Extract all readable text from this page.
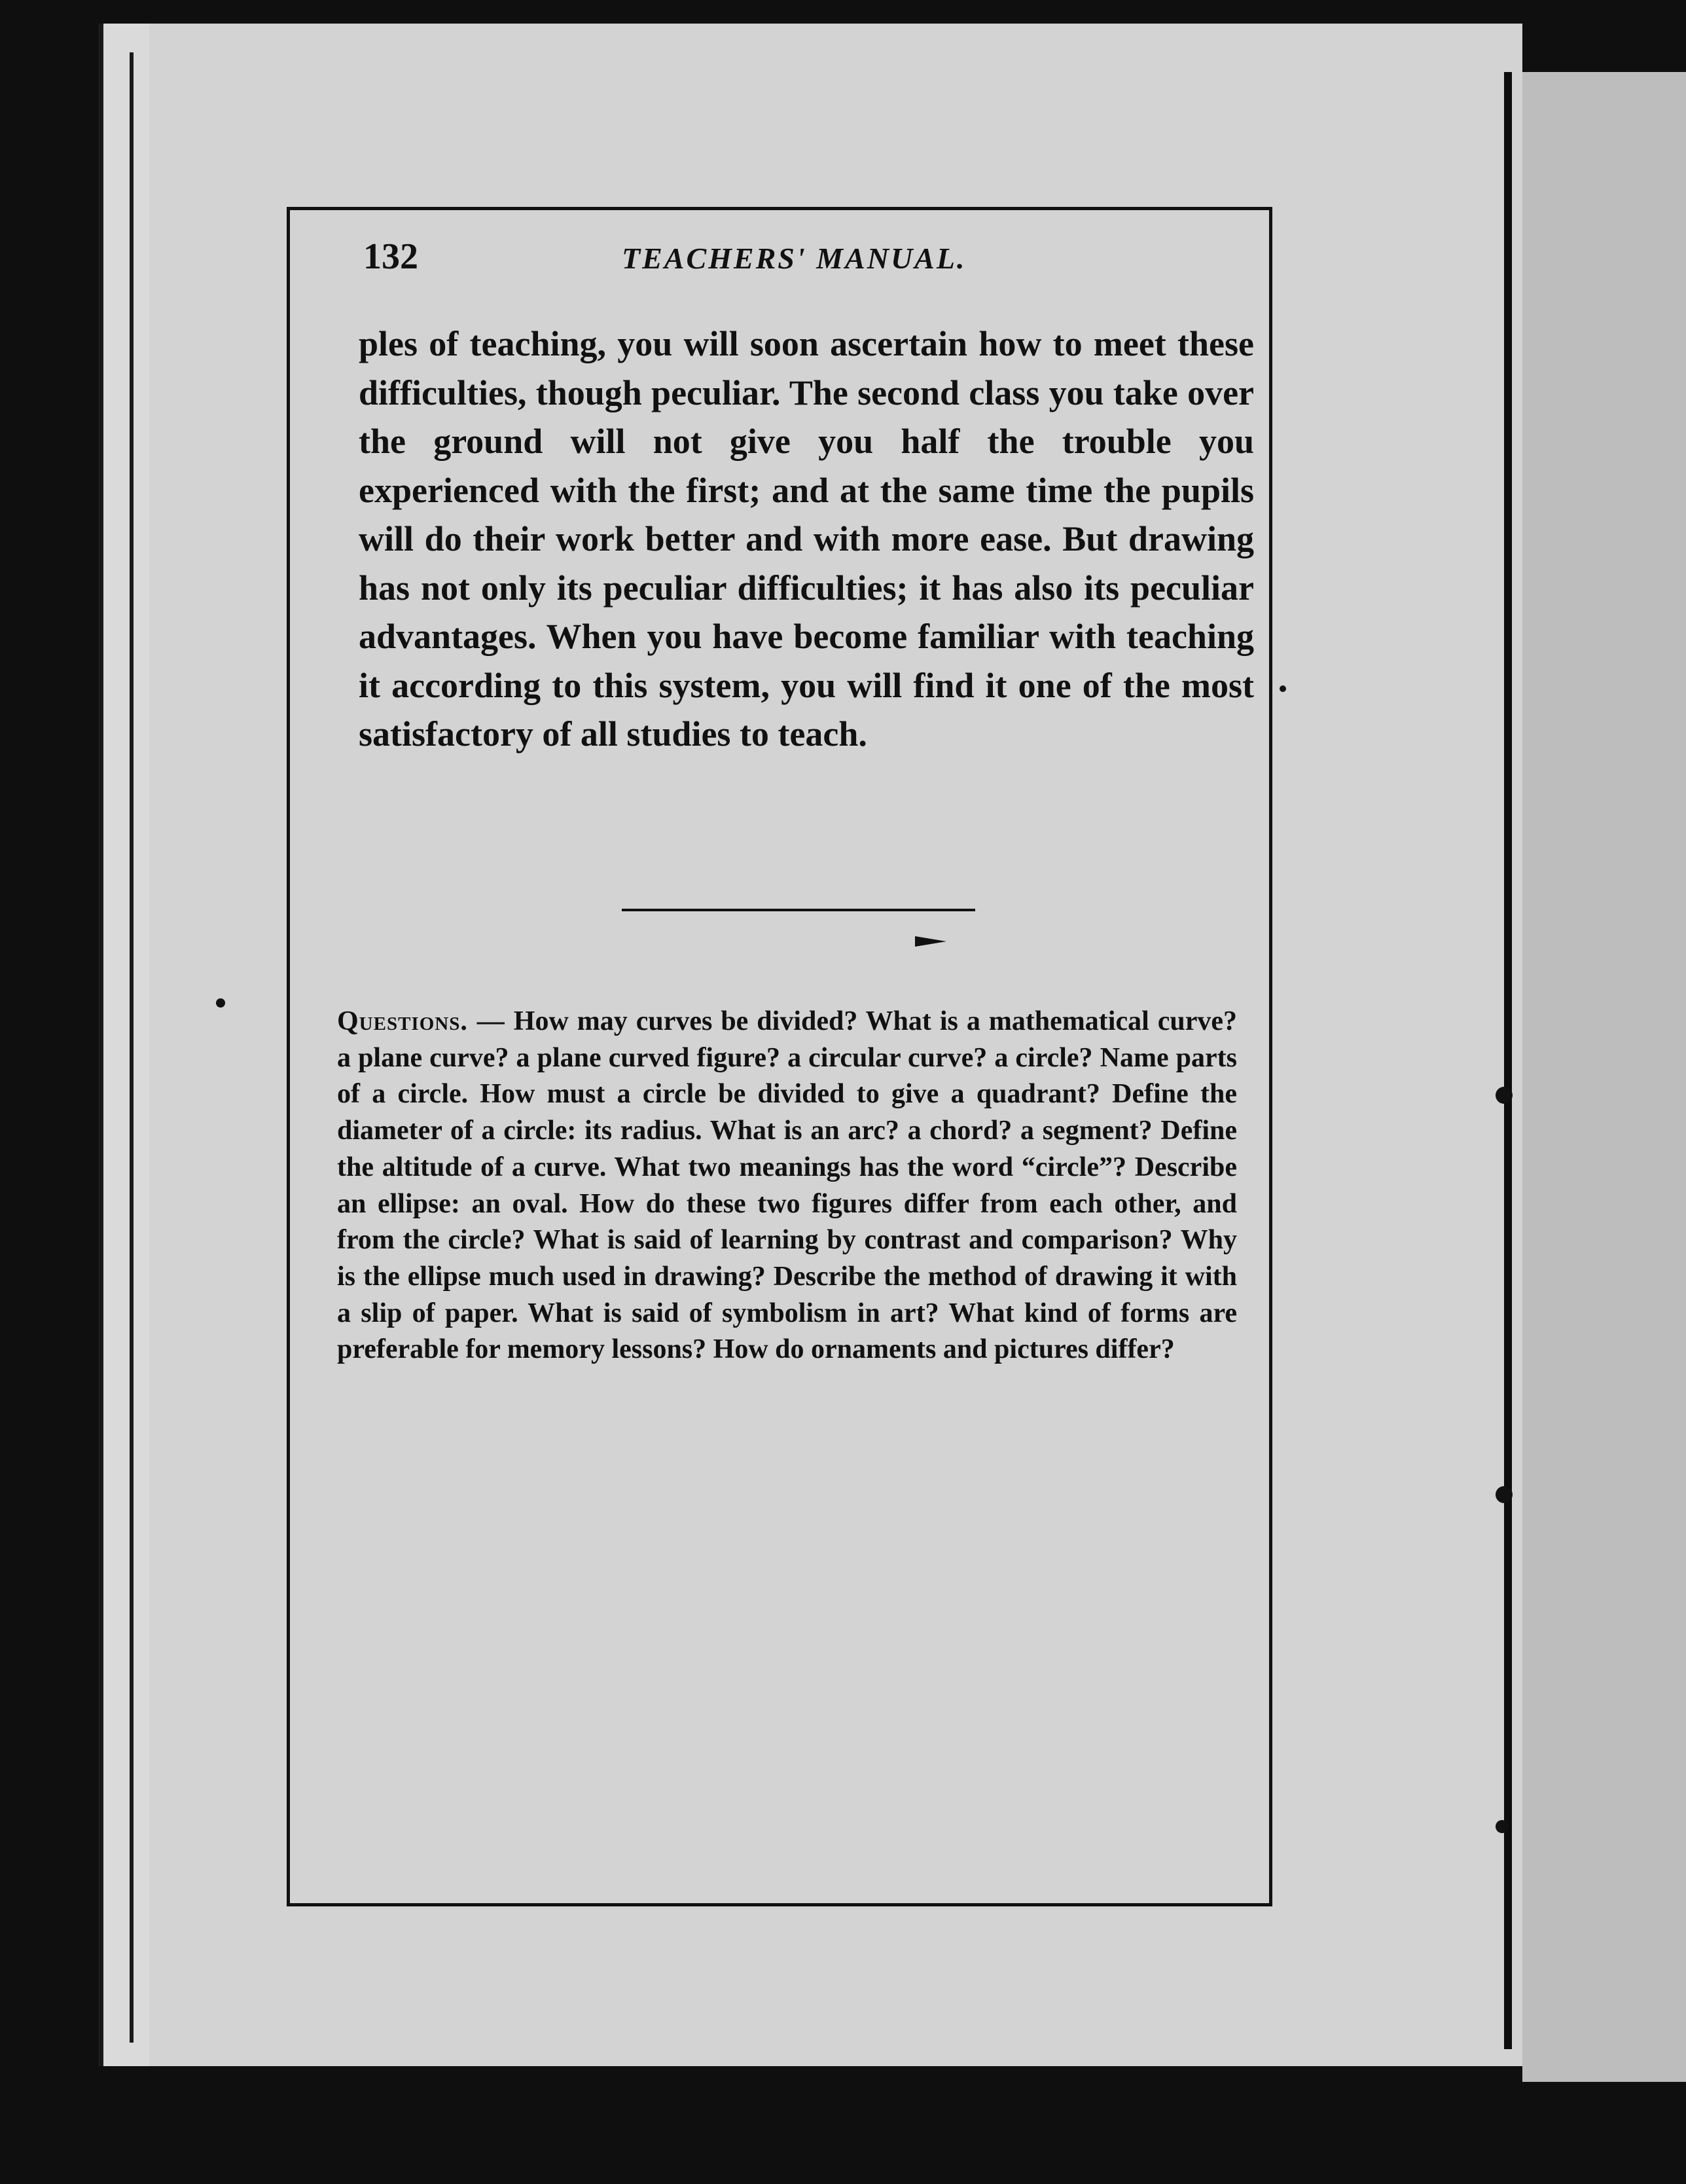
132	TEACHERS' MANUAL.

ples of teaching, you will soon ascertain how to meet these difficulties, though peculiar. The second class you take over the ground will not give you half the trouble you experienced with the first; and at the same time the pupils will do their work better and with more ease. But drawing has not only its peculiar difficulties; it has also its peculiar advantages. When you have become familiar with teaching it according to this system, you will find it one of the most satisfactory of all studies to teach.

Questions. — How may curves be divided? What is a mathematical curve? a plane curve? a plane curved figure? a circular curve? a circle? Name parts of a circle. How must a circle be divided to give a quadrant? Define the diameter of a circle: its radius. What is an arc? a chord? a segment? Define the altitude of a curve. What two meanings has the word “circle”? Describe an ellipse: an oval. How do these two figures differ from each other, and from the circle? What is said of learning by contrast and comparison? Why is the ellipse much used in drawing? Describe the method of drawing it with a slip of paper. What is said of symbolism in art? What kind of forms are preferable for memory lessons? How do ornaments and pictures differ?
